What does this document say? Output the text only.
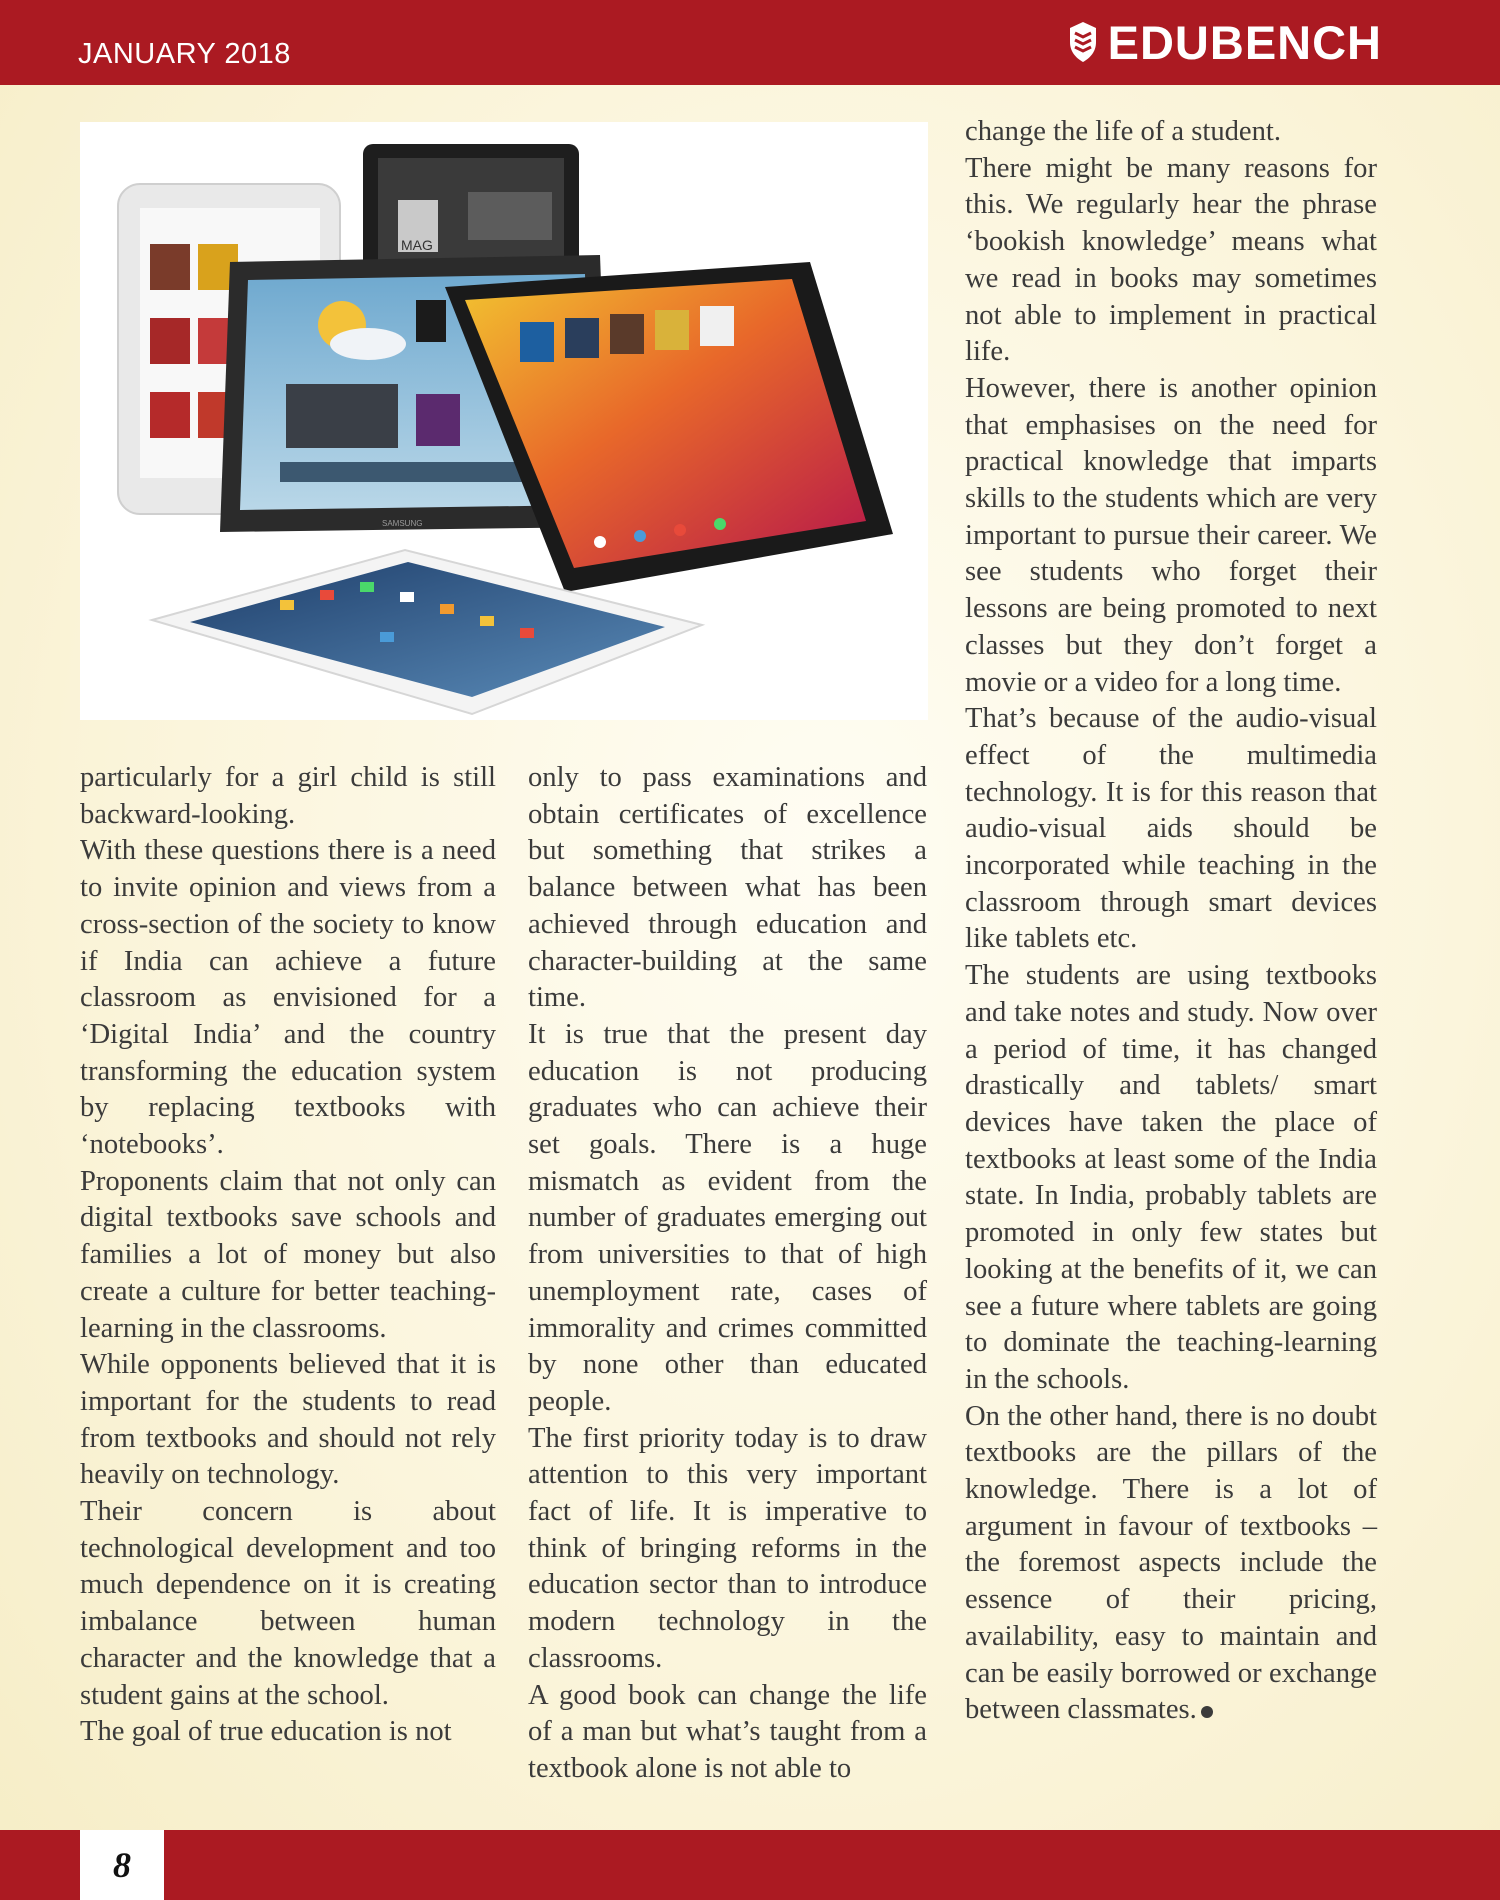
JANUARY 2018	EDUBENCH
MAG
SAMSUNG

particularly for a girl child is still backward-looking.

With these questions there is a need to invite opinion and views from a cross-section of the society to know if India can achieve a future classroom as envisioned for a ‘Digital India’ and the country transforming the education system by replacing textbooks with ‘notebooks’.

Proponents claim that not only can digital textbooks save schools and families a lot of money but also create a culture for better teaching-learning in the classrooms.

While opponents believed that it is important for the students to read from textbooks and should not rely heavily on technology.

Their concern is about technological development and too much dependence on it is creating imbalance between human character and the knowledge that a student gains at the school.

The goal of true education is not

only to pass examinations and obtain certificates of excellence but something that strikes a balance between what has been achieved through education and character-building at the same time.

It is true that the present day education is not producing graduates who can achieve their set goals. There is a huge mismatch as evident from the number of graduates emerging out from universities to that of high unemployment rate, cases of immorality and crimes committed by none other than educated people.

The first priority today is to draw attention to this very important fact of life. It is imperative to think of bringing reforms in the education sector than to introduce modern technology in the classrooms.

A good book can change the life of a man but what’s taught from a textbook alone is not able to

change the life of a student.

There might be many reasons for this. We regularly hear the phrase ‘bookish knowledge’ means what we read in books may sometimes not able to implement in practical life.

However, there is another opinion that emphasises on the need for practical knowledge that imparts skills to the students which are very important to pursue their career. We see students who forget their lessons are being promoted to next classes but they don’t forget a movie or a video for a long time.

That’s because of the audio-visual effect of the multimedia technology. It is for this reason that audio-visual aids should be incorporated while teaching in the classroom through smart devices like tablets etc.

The students are using textbooks and take notes and study. Now over a period of time, it has changed drastically and tablets/ smart devices have taken the place of textbooks at least some of the India state. In India, probably tablets are promoted in only few states but looking at the benefits of it, we can see a future where tablets are going to dominate the teaching-learning in the schools.

On the other hand, there is no doubt textbooks are the pillars of the knowledge. There is a lot of argument in favour of textbooks – the foremost aspects include the essence of their pricing, availability, easy to maintain and can be easily borrowed or exchange between classmates.

8
